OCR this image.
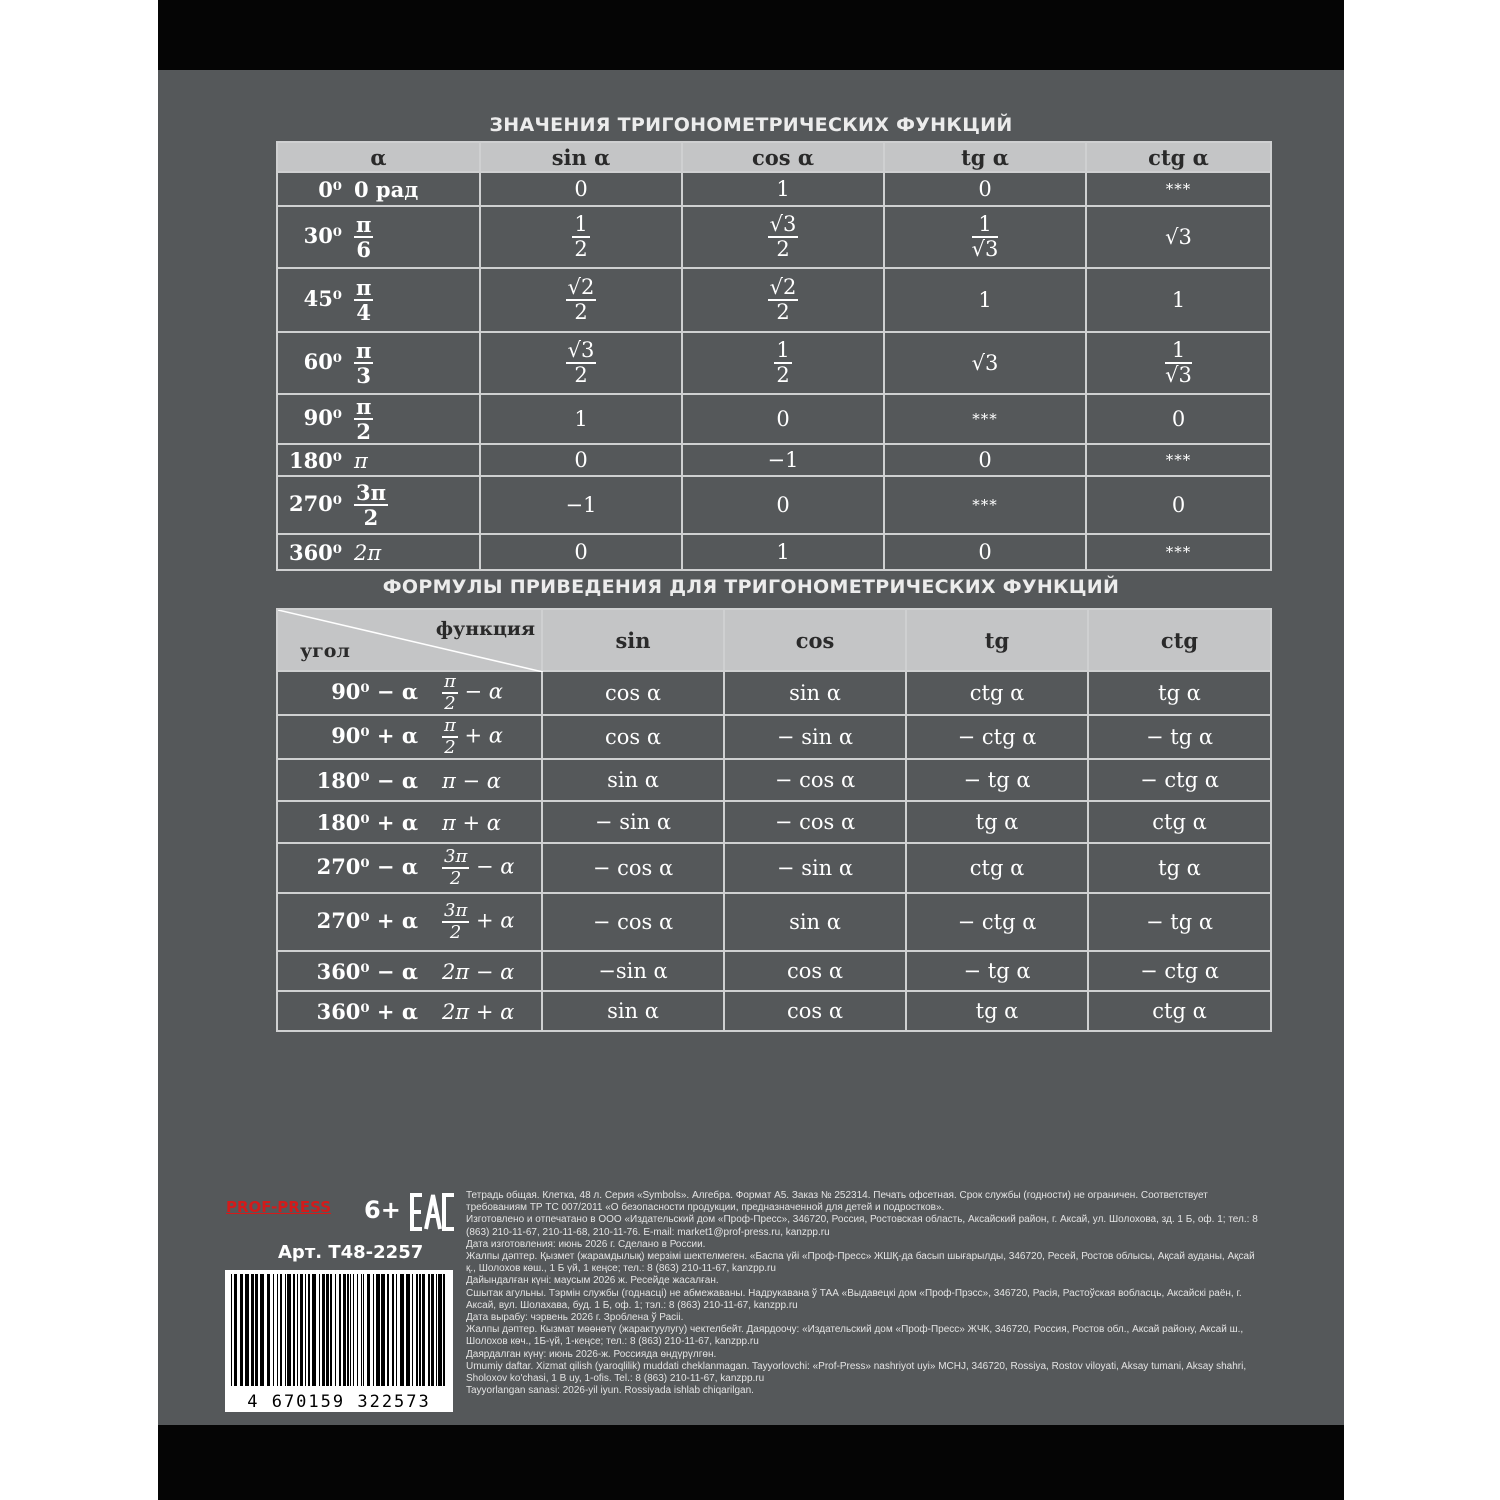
ЗНАЧЕНИЯ ТРИГОНОМЕТРИЧЕСКИХ ФУНКЦИЙ
α	sin α	cos α	tg α	ctg α
0⁰ 0 рад	0	1	0	***
$30^0 \frac{\pi}{6}$	$\frac{1}{2}$	$\frac{√3}{2}$	$\frac{1}{√3}$	√3
$45^0 \frac{\pi}{4}$	$\frac{√2}{2}$	$\frac{√2}{2}$	1	1
$60^0 \frac{\pi}{3}$	$\frac{√3}{2}$	$\frac{1}{2}$	√3	$\frac{1}{√3}$

$90^0 \frac{\pi}{2}$	1	0	***	0
180⁰ π	0	−1	0	***
$270^0 \frac{3\pi}{2}$	−1	0	***	0
360⁰ 2π	0	1	0	***
ФОРМУЛЫ ПРИВЕДЕНИЯ ДЛЯ ТРИГОНОМЕТРИЧЕСКИХ ФУНКЦИЙ
функция
угол	sin	cos	tg	ctg
90⁰ − α $\frac{\pi}{2} - \alpha$	cos α	sin α	ctg α	tg α
90⁰ + α $\frac{\pi}{2} + \alpha$	cos α	− sin α	− ctg α	− tg α
180⁰ − α π − α	sin α	− cos α	− tg α	− ctg α
180⁰ + α π + α	− sin α	− cos α	tg α	ctg α
270⁰ − α $\frac{3\pi}{2} - \alpha$	− cos α	− sin α	ctg α	tg α
270⁰ + α $\frac{3\pi}{2} + \alpha$	− cos α	sin α	− ctg α	− tg α
360⁰ − α 2π − α	−sin α	cos α	− tg α	− ctg α
360⁰ + α 2π + α	sin α	cos α	tg α	ctg α
PROF-PRESS 6+
Арт. Т48-2257
4 670159 322573

Тетрадь общая. Клетка, 48 л. Серия «Symbols». Алгебра. Формат А5. Заказ № 252314. Печать офсетная. Срок службы (годности) не ограничен. Соответствует требованиям ТР ТС 007/2011 «О безопасности продукции, предназначенной для детей и подростков».

Изготовлено и отпечатано в ООО «Издательский дом «Проф-Пресс», 346720, Россия, Ростовская область, Аксайский район, г. Аксай, ул. Шолохова, зд. 1 Б, оф. 1; тел.: 8 (863) 210-11-67, 210-11-68, 210-11-76. E-mail: market1@prof-press.ru, kanzpp.ru

Дата изготовления: июнь 2026 г. Сделано в России.

Жалпы дәптер. Қызмет (жарамдылық) мерзімі шектелмеген. «Баспа үйі «Проф-Пресс» ЖШҚ-да басып шығарылды, 346720, Ресей, Ростов облысы, Ақсай ауданы, Ақсай қ., Шолохов көш., 1 Б үй, 1 кеңсе; тел.: 8 (863) 210-11-67, kanzpp.ru

Дайындалған күні: маусым 2026 ж. Ресейде жасалған.

Сшытак агульны. Тэрмін службы (годнасці) не абмежаваны. Надрукавана ў ТАА «Выдавецкі дом «Проф-Прэсс», 346720, Расія, Растоўская вобласць, Аксайскі раён, г. Аксай, вул. Шолахава, буд. 1 Б, оф. 1; тэл.: 8 (863) 210-11-67, kanzpp.ru

Дата вырабу: чэрвень 2026 г. Зроблена ў Расіі.

Жалпы дәптер. Кызмат мөөнөтү (жарактуулугу) чектелбейт. Даярдоочу: «Издательский дом «Проф-Пресс» ЖЧК, 346720, Россия, Ростов обл., Аксай району, Аксай ш., Шолохов көч., 1Б-үй, 1-кеңсе; тел.: 8 (863) 210-11-67, kanzpp.ru

Даярдалган күнү: июнь 2026-ж. Россияда өндүрүлгөн.

Umumiy daftar. Xizmat qilish (yaroqlilik) muddati cheklanmagan. Tayyorlovchi: «Prof-Press» nashriyot uyi» MCHJ, 346720, Rossiya, Rostov viloyati, Aksay tumani, Aksay shahri, Sholoxov ko'chasi, 1 B uy, 1-ofis. Tel.: 8 (863) 210-11-67, kanzpp.ru

Tayyorlangan sanasi: 2026-yil iyun. Rossiyada ishlab chiqarilgan.
